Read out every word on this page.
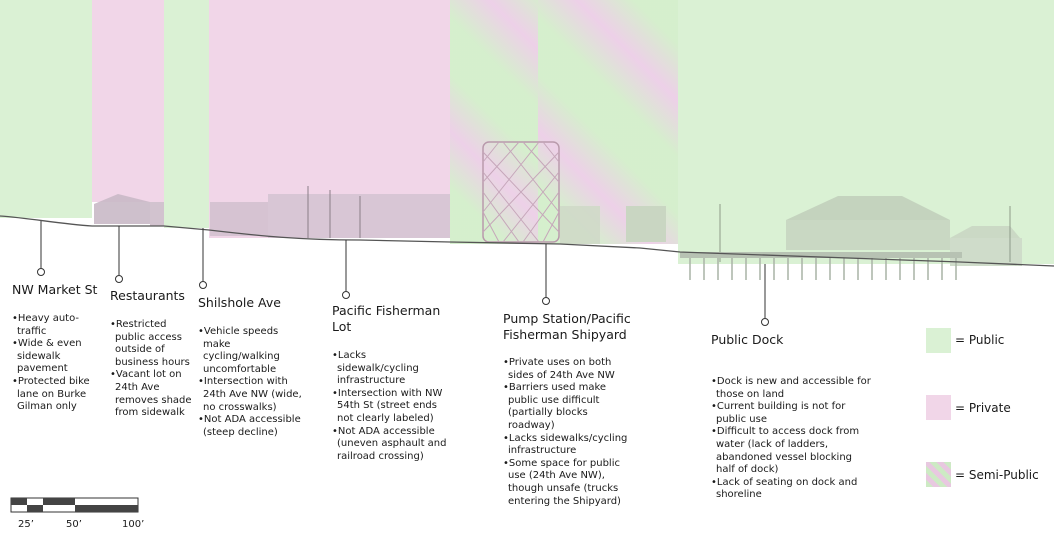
NW Market St
• Heavy auto-traffic
• Wide & even sidewalk pavement
• Protected bike lane on Burke Gilman only
Restaurants
• Restricted public access outside of business hours
• Vacant lot on 24th Ave removes shade from sidewalk
Shilshole Ave
• Vehicle speeds make cycling/walking uncomfortable
• Intersection with 24th Ave NW (wide, no crosswalks)
• Not ADA accessible (steep decline)
Pacific Fisherman Lot
• Lacks sidewalk/cycling infrastructure
• Intersection with NW 54th St (street ends not clearly labeled)
• Not ADA accessible (uneven asphault and railroad crossing)
Pump Station/Pacific Fisherman Shipyard
• Private uses on both sides of 24th Ave NW
• Barriers used make public use difficult (partially blocks roadway)
• Lacks sidewalks/cycling infrastructure
• Some space for public use (24th Ave NW), though unsafe (trucks entering the Shipyard)
Public Dock
• Dock is new and accessible for those on land
• Current building is not for public use
• Difficult to access dock from water (lack of ladders, abandoned vessel blocking half of dock)
• Lack of seating on dock and shoreline
= Public
= Private
= Semi-Public
25’	50’	100’
